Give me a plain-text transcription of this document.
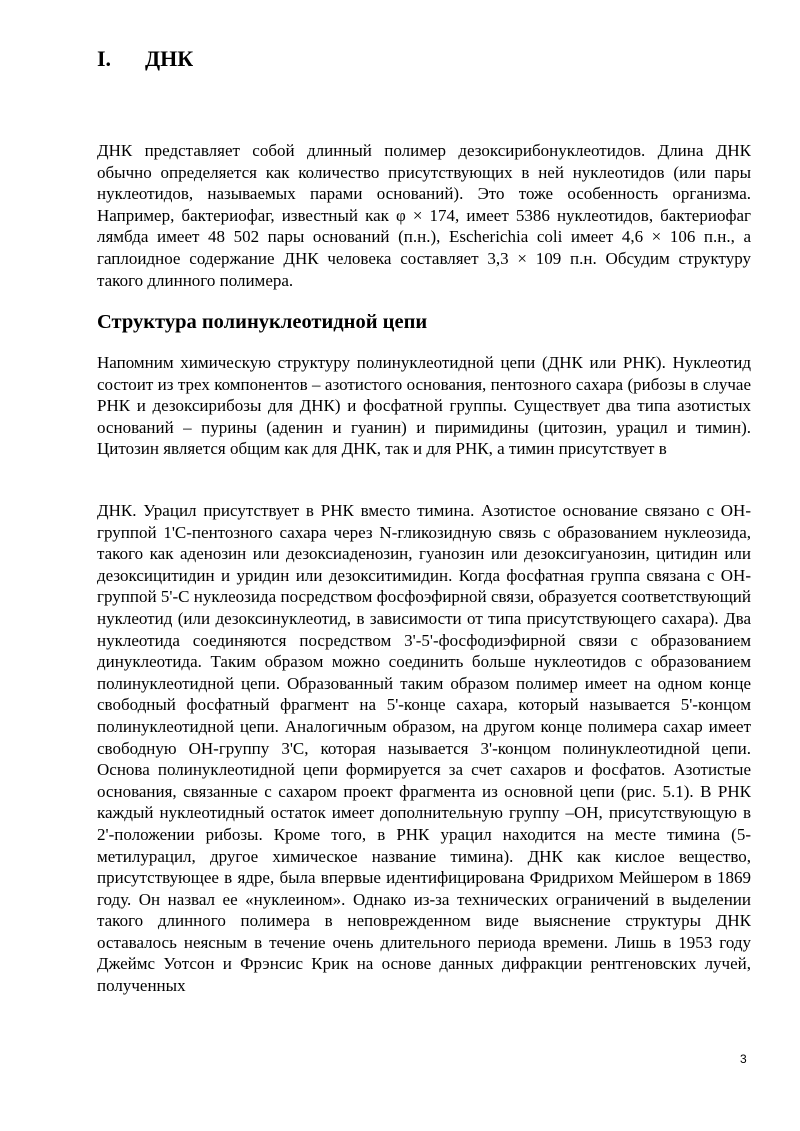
I. ДНК

ДНК представляет собой длинный полимер дезоксирибонуклеотидов. Длина ДНК обычно определяется как количество присутствующих в ней нуклеотидов (или пары нуклеотидов, называемых парами оснований). Это тоже особенность организма. Например, бактериофаг, известный как φ × 174, имеет 5386 нуклеотидов, бактериофаг лямбда имеет 48 502 пары оснований (п.н.), Escherichia coli имеет 4,6 × 106 п.н., а гаплоидное содержание ДНК человека составляет 3,3 × 109 п.н. Обсудим структуру такого длинного полимера.

Структура полинуклеотидной цепи

Напомним химическую структуру полинуклеотидной цепи (ДНК или РНК). Нуклеотид состоит из трех компонентов – азотистого основания, пентозного сахара (рибозы в случае РНК и дезоксирибозы для ДНК) и фосфатной группы. Существует два типа азотистых оснований – пурины (аденин и гуанин) и пиримидины (цитозин, урацил и тимин). Цитозин является общим как для ДНК, так и для РНК, а тимин присутствует в

ДНК. Урацил присутствует в РНК вместо тимина. Азотистое основание связано с ОН-группой 1'С-пентозного сахара через N-гликозидную связь с образованием нуклеозида, такого как аденозин или дезоксиаденозин, гуанозин или дезоксигуанозин, цитидин или дезоксицитидин и уридин или дезокситимидин. Когда фосфатная группа связана с ОН-группой 5'-С нуклеозида посредством фосфоэфирной связи, образуется соответствующий нуклеотид (или дезоксинуклеотид, в зависимости от типа присутствующего сахара). Два нуклеотида соединяются посредством 3'-5'-фосфодиэфирной связи с образованием динуклеотида. Таким образом можно соединить больше нуклеотидов с образованием полинуклеотидной цепи. Образованный таким образом полимер имеет на одном конце свободный фосфатный фрагмент на 5'-конце сахара, который называется 5'-концом полинуклеотидной цепи. Аналогичным образом, на другом конце полимера сахар имеет свободную ОН-группу 3'С, которая называется 3'-концом полинуклеотидной цепи. Основа полинуклеотидной цепи формируется за счет сахаров и фосфатов. Азотистые основания, связанные с сахаром проект фрагмента из основной цепи (рис. 5.1). В РНК каждый нуклеотидный остаток имеет дополнительную группу –ОН, присутствующую в 2'-положении рибозы. Кроме того, в РНК урацил находится на месте тимина (5-метилурацил, другое химическое название тимина). ДНК как кислое вещество, присутствующее в ядре, была впервые идентифицирована Фридрихом Мейшером в 1869 году. Он назвал ее «нуклеином». Однако из-за технических ограничений в выделении такого длинного полимера в неповрежденном виде выяснение структуры ДНК оставалось неясным в течение очень длительного периода времени. Лишь в 1953 году Джеймс Уотсон и Фрэнсис Крик на основе данных дифракции рентгеновских лучей, полученных

3
